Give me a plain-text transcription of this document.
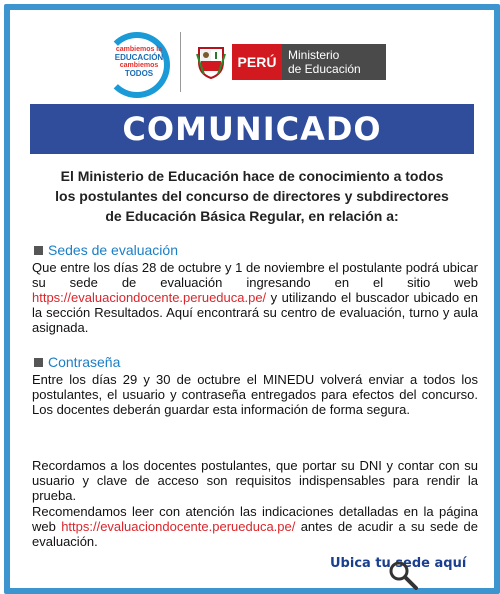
cambiemos la
EDUCACIÓN
cambiemos
TODOS
PERÚ Ministerio
de Educación
COMUNICADO
El Ministerio de Educación hace de conocimiento a todos
los postulantes del concurso de directores y subdirectores
de Educación Básica Regular, en relación a:
Sedes de evaluación
Que entre los días 28 de octubre y 1 de noviembre el postulante podrá ubicar su sede de evaluación ingresando en el sitio web https://evaluaciondocente.perueduca.pe/ y utilizando el buscador ubicado en la sección Resultados. Aquí encontrará su centro de evaluación, turno y aula asignada.
Contraseña
Entre los días 29 y 30 de octubre el MINEDU volverá enviar a todos los postulantes, el usuario y contraseña entregados para efectos del concurso. Los docentes deberán guardar esta información de forma segura.
Recordamos a los docentes postulantes, que portar su DNI y contar con su usuario y clave de acceso son requisitos indispensables para rendir la prueba.
Recomendamos leer con atención las indicaciones detalladas en la página web https://evaluaciondocente.perueduca.pe/ antes de acudir a su sede de evaluación.
Ubica tu sede aquí
